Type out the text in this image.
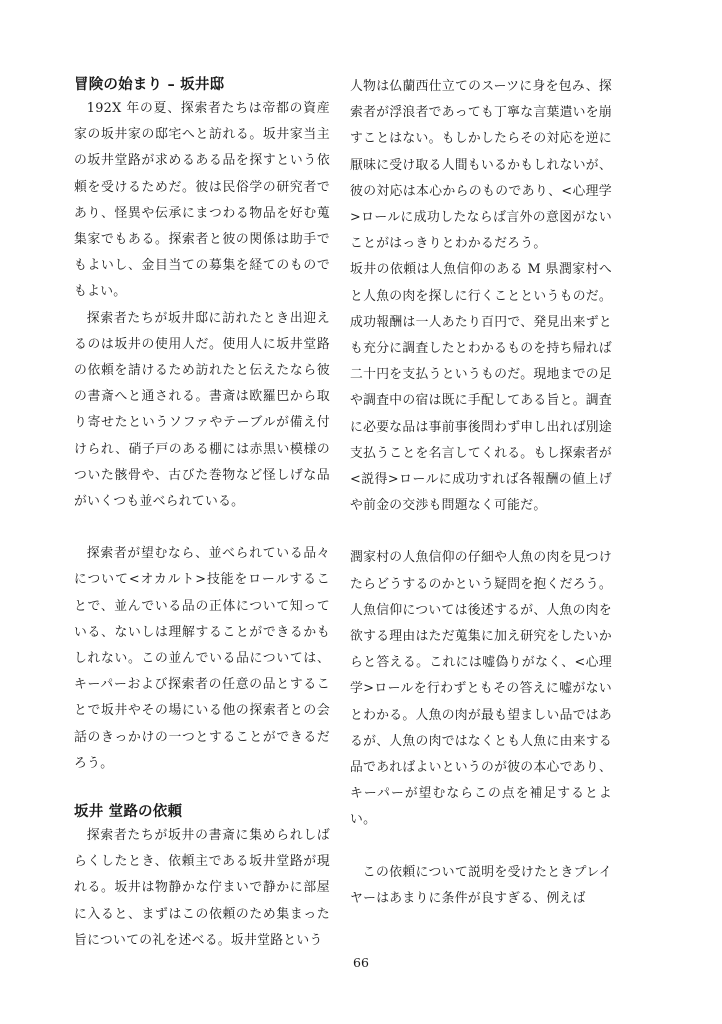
冒険の始まり – 坂井邸

192X 年の夏、探索者たちは帝都の資産家の坂井家の邸宅へと訪れる。坂井家当主の坂井堂路が求めるある品を探すという依頼を受けるためだ。彼は民俗学の研究者であり、怪異や伝承にまつわる物品を好む蒐集家でもある。探索者と彼の関係は助手でもよいし、金目当ての募集を経てのものでもよい。

探索者たちが坂井邸に訪れたとき出迎えるのは坂井の使用人だ。使用人に坂井堂路の依頼を請けるため訪れたと伝えたなら彼の書斎へと通される。書斎は欧羅巴から取り寄せたというソファやテーブルが備え付けられ、硝子戸のある棚には赤黒い模様のついた骸骨や、古びた巻物など怪しげな品がいくつも並べられている。

探索者が望むなら、並べられている品々について<オカルト>技能をロールすることで、並んでいる品の正体について知っている、ないしは理解することができるかもしれない。この並んでいる品については、キーパーおよび探索者の任意の品とすることで坂井やその場にいる他の探索者との会話のきっかけの一つとすることができるだろう。

坂井 堂路の依頼

探索者たちが坂井の書斎に集められしばらくしたとき、依頼主である坂井堂路が現れる。坂井は物静かな佇まいで静かに部屋に入ると、まずはこの依頼のため集まった旨についての礼を述べる。坂井堂路という

人物は仏蘭西仕立てのスーツに身を包み、探索者が浮浪者であっても丁寧な言葉遣いを崩すことはない。もしかしたらその対応を逆に厭味に受け取る人間もいるかもしれないが、彼の対応は本心からのものであり、<心理学>ロールに成功したならば言外の意図がないことがはっきりとわかるだろう。

坂井の依頼は人魚信仰のある M 県潤家村へと人魚の肉を探しに行くことというものだ。成功報酬は一人あたり百円で、発見出来ずとも充分に調査したとわかるものを持ち帰れば二十円を支払うというものだ。現地までの足や調査中の宿は既に手配してある旨と。調査に必要な品は事前事後問わず申し出れば別途支払うことを名言してくれる。もし探索者が<説得>ロールに成功すれば各報酬の値上げや前金の交渉も問題なく可能だ。

潤家村の人魚信仰の仔細や人魚の肉を見つけたらどうするのかという疑問を抱くだろう。人魚信仰については後述するが、人魚の肉を欲する理由はただ蒐集に加え研究をしたいからと答える。これには嘘偽りがなく、<心理学>ロールを行わずともその答えに嘘がないとわかる。人魚の肉が最も望ましい品ではあるが、人魚の肉ではなくとも人魚に由来する品であればよいというのが彼の本心であり、キーパーが望むならこの点を補足するとよい。

この依頼について説明を受けたときプレイヤーはあまりに条件が良すぎる、例えば

66
